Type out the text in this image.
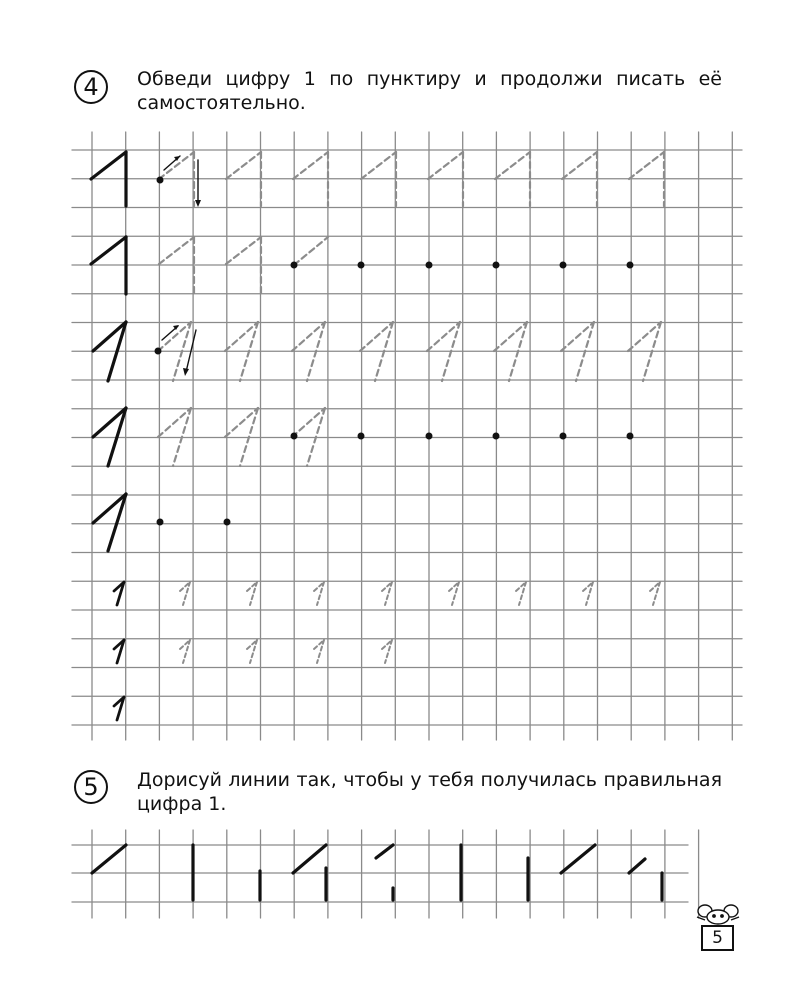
4	Обведи цифру 1 по пунктиру и продолжи писать её самостоятельно.
5	Дорисуй линии так, чтобы у тебя получилась правильная цифра 1.
5
